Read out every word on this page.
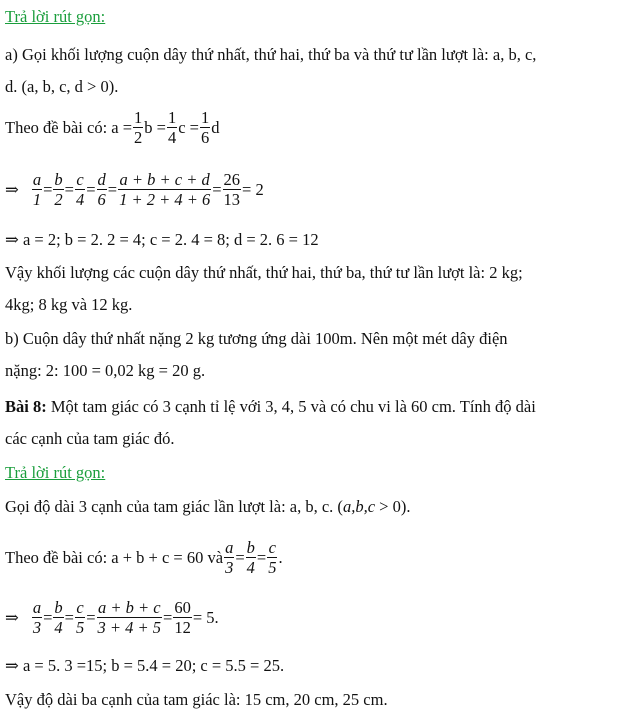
Trả lời rút gọn:
a) Gọi khối lượng cuộn dây thứ nhất, thứ hai, thứ ba và thứ tư lần lượt là: a, b, c,
d. (a, b, c, d > 0).
Theo đề bài có: $a = \frac{1}{2}$ $b = \frac{1}{4}$ $c = \frac{1}{6}$ d
⇒ $\frac{a}{1} = \frac{b}{2} = \frac{c}{4} = \frac{d}{6} = \frac{a + b + c + d}{1 + 2 + 4 + 6} = \frac{26}{13} = 2$
⇒ a = 2; b = 2. 2 = 4; c = 2. 4 = 8; d = 2. 6 = 12
Vậy khối lượng các cuộn dây thứ nhất, thứ hai, thứ ba, thứ tư lần lượt là: 2 kg;
4kg; 8 kg và 12 kg.
b) Cuộn dây thứ nhất nặng 2 kg tương ứng dài 100m. Nên một mét dây điện
nặng: 2: 100 = 0,02 kg = 20 g.
Bài 8: Một tam giác có 3 cạnh tỉ lệ với 3, 4, 5 và có chu vi là 60 cm. Tính độ dài
các cạnh của tam giác đó.
Trả lời rút gọn:
Gọi độ dài 3 cạnh của tam giác lần lượt là: a, b, c. (a,b,c > 0).
Theo đề bài có: a + b + c = 60 và $\frac{a}{3} = \frac{b}{4} = \frac{c}{5}$ .
⇒ $\frac{a}{3} = \frac{b}{4} = \frac{c}{5} = \frac{a + b + c}{3 + 4 + 5} = \frac{60}{12} = 5$.
⇒ a = 5. 3 =15; b = 5.4 = 20; c = 5.5 = 25.
Vậy độ dài ba cạnh của tam giác là: 15 cm, 20 cm, 25 cm.
